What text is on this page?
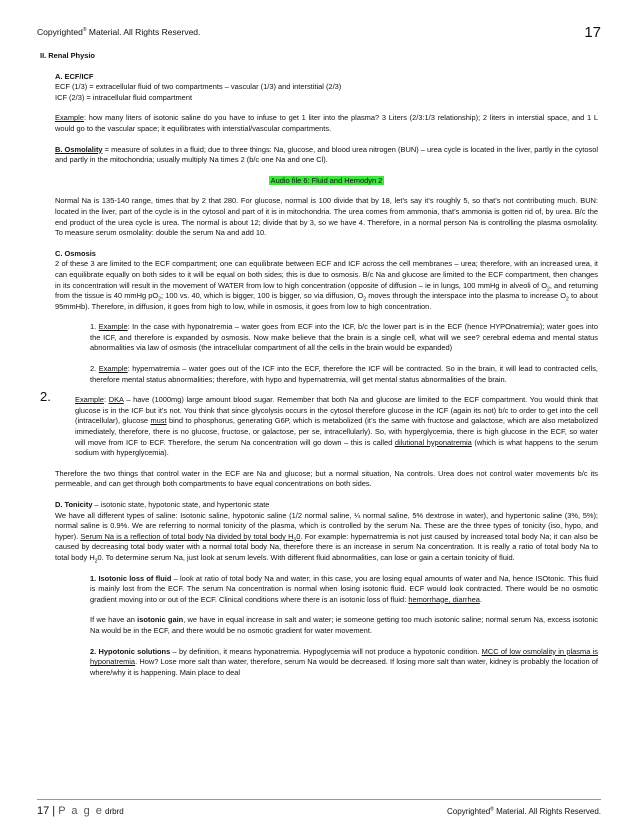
Copyrighted® Material. All Rights Reserved.	17

II. Renal Physio

A. ECF/ICF

ECF (1/3) = extracellular fluid of two compartments – vascular (1/3) and interstitial (2/3)

ICF (2/3) = intracellular fluid compartment

Example: how many liters of isotonic saline do you have to infuse to get 1 liter into the plasma? 3 Liters (2/3:1/3 relationship); 2 liters in interstial space, and 1 L would go to the vascular space; it equilibrates with interstial/vascular compartments.

B. Osmolality = measure of solutes in a fluid; due to three things: Na, glucose, and blood urea nitrogen (BUN) – urea cycle is located in the liver, partly in the cytosol and partly in the mitochondria; usually multiply Na times 2 (b/c one Na and one Cl).

Audio file 6: Fluid and Hemodyn 2

Normal Na is 135-140 range, times that by 2 that 280. For glucose, normal is 100 divide that by 18, let’s say it’s roughly 5, so that’s not contributing much. BUN: located in the liver, part of the cycle is in the cytosol and part of it is in mitochondria. The urea comes from ammonia, that’s ammonia is gotten rid of, by urea. B/c the end product of the urea cycle is urea. The normal is about 12; divide that by 3, so we have 4. Therefore, in a normal person Na is controlling the plasma osmolality. To measure serum osmolality: double the serum Na and add 10.

C. Osmosis

2 of these 3 are limited to the ECF compartment; one can equilibrate between ECF and ICF across the cell membranes – urea; therefore, with an increased urea, it can equilibrate equally on both sides to it will be equal on both sides; this is due to osmosis. B/c Na and glucose are limited to the ECF compartment, then changes in its concentration will result in the movement of WATER from low to high concentration (opposite of diffusion – ie in lungs, 100 mmHg in alveoli of $O_2$, and returning from the tissue is 40 mmHg $pO_2$; 100 vs. 40, which is bigger, 100 is bigger, so via diffusion, $O_2$ moves through the interspace into the plasma to increase $O_2$ to about 95mmHb). Therefore, in diffusion, it goes from high to low, while in osmosis, it goes from low to high concentration.

1. Example: In the case with hyponatremia – water goes from ECF into the ICF, b/c the lower part is in the ECF (hence HYPOnatremia); water goes into the ICF, and therefore is expanded by osmosis. Now make believe that the brain is a single cell, what will we see? cerebral edema and mental status abnormalities via law of osmosis (the intracellular compartment of all the cells in the brain would be expanded)

2. Example: hypernatremia – water goes out of the ICF into the ECF, therefore the ICF will be contracted. So in the brain, it will lead to contracted cells, therefore mental status abnormalities; therefore, with hypo and hypernatremia, will get mental status abnormalities of the brain.

2.	Example: DKA – have (1000mg) large amount blood sugar. Remember that both Na and glucose are limited to the ECF compartment. You would think that glucose is in the ICF but it’s not. You think that since glycolysis occurs in the cytosol therefore glucose in the ICF (again its not) b/c to order to get into the cell (intracellular), glucose must bind to phosphorus, generating G6P, which is metabolized (it’s the same with fructose and galactose, which are also metabolized immediately, therefore, there is no glucose, fructose, or galactose, per se, intracellularly). So, with hyperglycemia, there is high glucose in the ECF, so water will move from ICF to ECF. Therefore, the serum Na concentration will go down – this is called dilutional hyponatremia (which is what happens to the serum sodium with hyperglycemia).

Therefore the two things that control water in the ECF are Na and glucose; but a normal situation, Na controls. Urea does not control water movements b/c its permeable, and can get through both compartments to have equal concentrations on both sides.

D. Tonicity – isotonic state, hypotonic state, and hypertonic state

We have all different types of saline: Isotonic saline, hypotonic saline (1/2 normal saline, ¼ normal saline, 5% dextrose in water), and hypertonic saline (3%, 5%); normal saline is 0.9%. We are referring to normal tonicity of the plasma, which is controlled by the serum Na. These are the three types of tonicity (iso, hypo, and hyper). Serum Na is a reflection of total body Na divided by total body $H_20$. For example: hypernatremia is not just caused by increased total body Na; it can also be caused by decreasing total body water with a normal total body Na, therefore there is an increase in serum Na concentration. It is really a ratio of total body Na to total body $H_20$. To determine serum Na, just look at serum levels. With different fluid abnormalities, can lose or gain a certain tonicity of fluid.

1. Isotonic loss of fluid – look at ratio of total body Na and water; in this case, you are losing equal amounts of water and Na, hence ISOtonic. This fluid is mainly lost from the ECF. The serum Na concentration is normal when losing isotonic fluid. ECF would look contracted. There would be no osmotic gradient moving into or out of the ECF. Clinical conditions where there is an isotonic loss of fluid: hemorrhage, diarrhea.

If we have an isotonic gain, we have in equal increase in salt and water; ie someone getting too much isotonic saline; normal serum Na, excess isotonic Na would be in the ECF, and there would be no osmotic gradient for water movement.

2. Hypotonic solutions – by definition, it means hyponatremia. Hypoglycemia will not produce a hypotonic condition. MCC of low osmolality in plasma is hyponatremia. How? Lose more salt than water, therefore, serum Na would be decreased. If losing more salt than water, kidney is probably the location of where/why it is happening. Main place to deal

17 | P a g e drbrd	Copyrighted® Material. All Rights Reserved.
